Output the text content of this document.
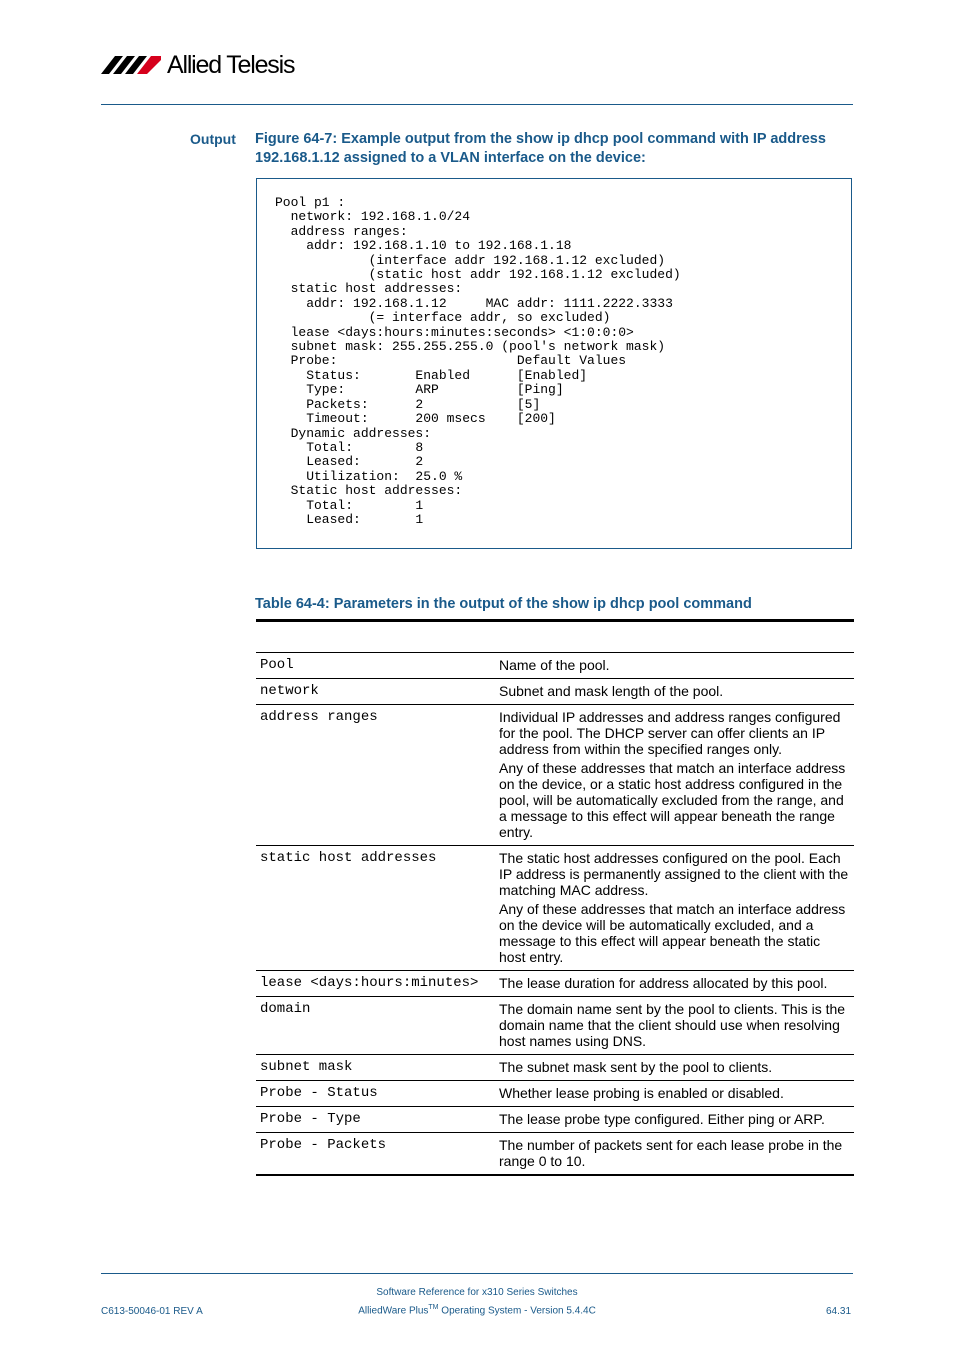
Allied Telesis
Output Figure 64-7: Example output from the show ip dhcp pool command with IP address 192.168.1.12 assigned to a VLAN interface on the device:
Pool p1 :
network: 192.168.1.0/24
address ranges:
addr: 192.168.1.10 to 192.168.1.18
(interface addr 192.168.1.12 excluded)
(static host addr 192.168.1.12 excluded)
static host addresses:
addr: 192.168.1.12     MAC addr: 1111.2222.3333
(= interface addr, so excluded)
lease <days:hours:minutes:seconds> <1:0:0:0>
subnet mask: 255.255.255.0 (pool's network mask)
Probe:                       Default Values
Status:       Enabled      [Enabled]
Type:         ARP          [Ping]
Packets:      2            [5]
Timeout:      200 msecs    [200]
Dynamic addresses:
Total:        8
Leased:       2
Utilization:  25.0 %
Static host addresses:
Total:        1
Leased:       1
Table 64-4: Parameters in the output of the show ip dhcp pool command
Pool	Name of the pool.

network	Subnet and mask length of the pool.

address ranges	Individual IP addresses and address ranges configured for the pool. The DHCP server can offer clients an IP address from within the specified ranges only.

Any of these addresses that match an interface address on the device, or a static host address configured in the pool, will be automatically excluded from the range, and a message to this effect will appear beneath the range entry.

static host addresses	The static host addresses configured on the pool. Each IP address is permanently assigned to the client with the matching MAC address.

Any of these addresses that match an interface address on the device will be automatically excluded, and a message to this effect will appear beneath the static host entry.

lease <days:hours:minutes>	The lease duration for address allocated by this pool.

domain	The domain name sent by the pool to clients. This is the domain name that the client should use when resolving host names using DNS.

subnet mask	The subnet mask sent by the pool to clients.

Probe - Status	Whether lease probing is enabled or disabled.

Probe - Type	The lease probe type configured. Either ping or ARP.

Probe - Packets	The number of packets sent for each lease probe in the range 0 to 10.

C613-50046-01 REV A
Software Reference for x310 Series Switches
AlliedWare Plus™ Operating System - Version 5.4.4C	64.31
